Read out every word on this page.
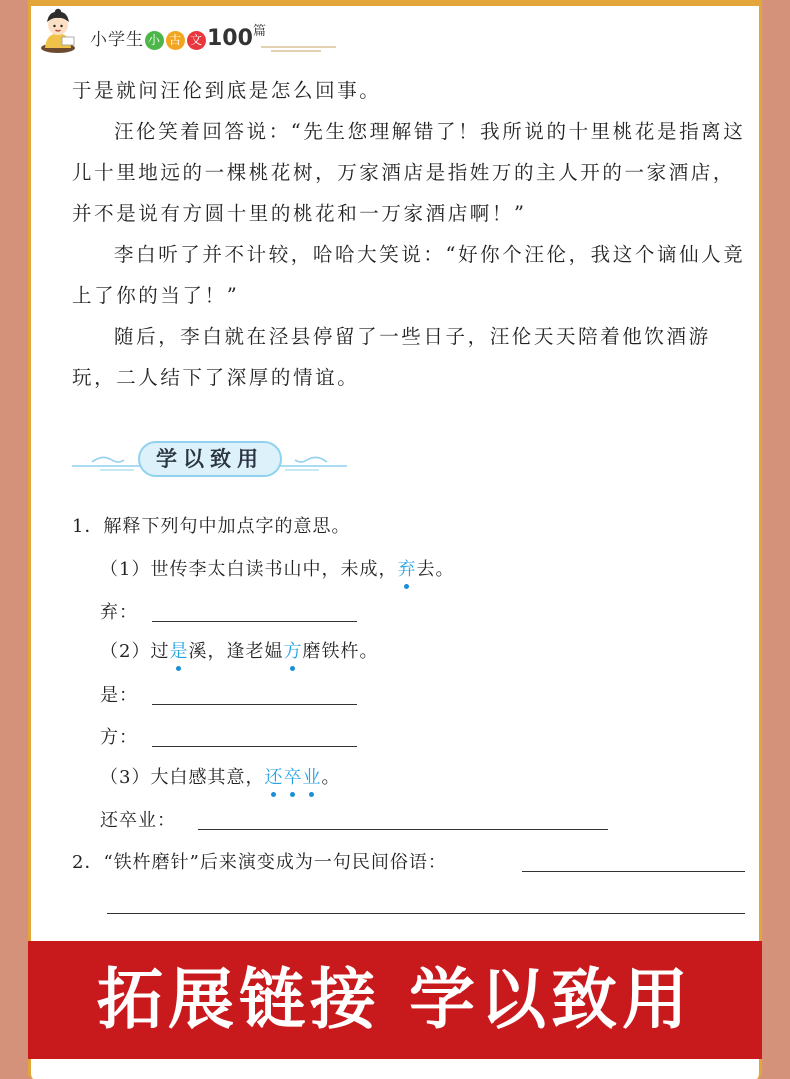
小学生 小 古 文 $100^篇$

于是就问汪伦到底是怎么回事。

汪伦笑着回答说：“先生您理解错了！我所说的十里桃花是指离这儿十里地远的一棵桃花树，万家酒店是指姓万的主人开的一家酒店，并不是说有方圆十里的桃花和一万家酒店啊！”

李白听了并不计较，哈哈大笑说：“好你个汪伦，我这个谪仙人竟上了你的当了！”

随后，李白就在泾县停留了一些日子，汪伦天天陪着他饮酒游玩，二人结下了深厚的情谊。

学以致用

1．解释下列句中加点字的意思。

（1）世传李太白读书山中，未成，弃
去。

弃：

（2）过是
溪，逢老媪方
磨铁杵。

是：

方：

（3）大白感其意，还
卒
业
。

还卒业：

2．“铁杵磨针”后来演变成为一句民间俗语：

拓展链接 学以致用
